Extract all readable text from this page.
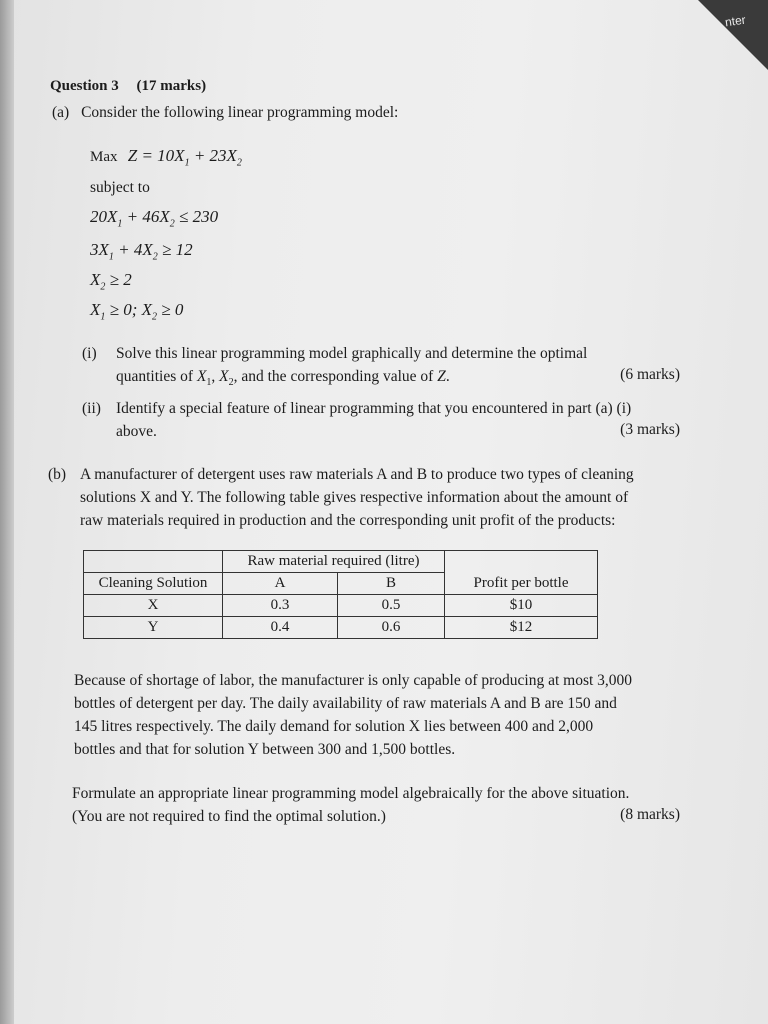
nter
Question 3 (17 marks)
(a) Consider the following linear programming model:
Max $Z = 10X_1 + 23X_2$
subject to
$20X_1 + 46X_2 \le 230$
$3X_1 + 4X_2 \ge 12$
$X_2 \ge 2$
$X_1 \ge 0$; $X_2 \ge 0$
(i) Solve this linear programming model graphically and determine the optimal
quantities of $X_1$, $X_2$, and the corresponding value of Z.	(6 marks)
(ii) Identify a special feature of linear programming that you encountered in part (a) (i)
above.	(3 marks)
(b) A manufacturer of detergent uses raw materials A and B to produce two types of cleaning
solutions X and Y. The following table gives respective information about the amount of
raw materials required in production and the corresponding unit profit of the products:
	Raw material required (litre)		
Cleaning Solution	A	B	Profit per bottle
X	0.3	0.5	$10
Y	0.4	0.6	$12
Because of shortage of labor, the manufacturer is only capable of producing at most 3,000
bottles of detergent per day. The daily availability of raw materials A and B are 150 and
145 litres respectively. The daily demand for solution X lies between 400 and 2,000
bottles and that for solution Y between 300 and 1,500 bottles.
Formulate an appropriate linear programming model algebraically for the above situation.
(You are not required to find the optimal solution.)	(8 marks)
